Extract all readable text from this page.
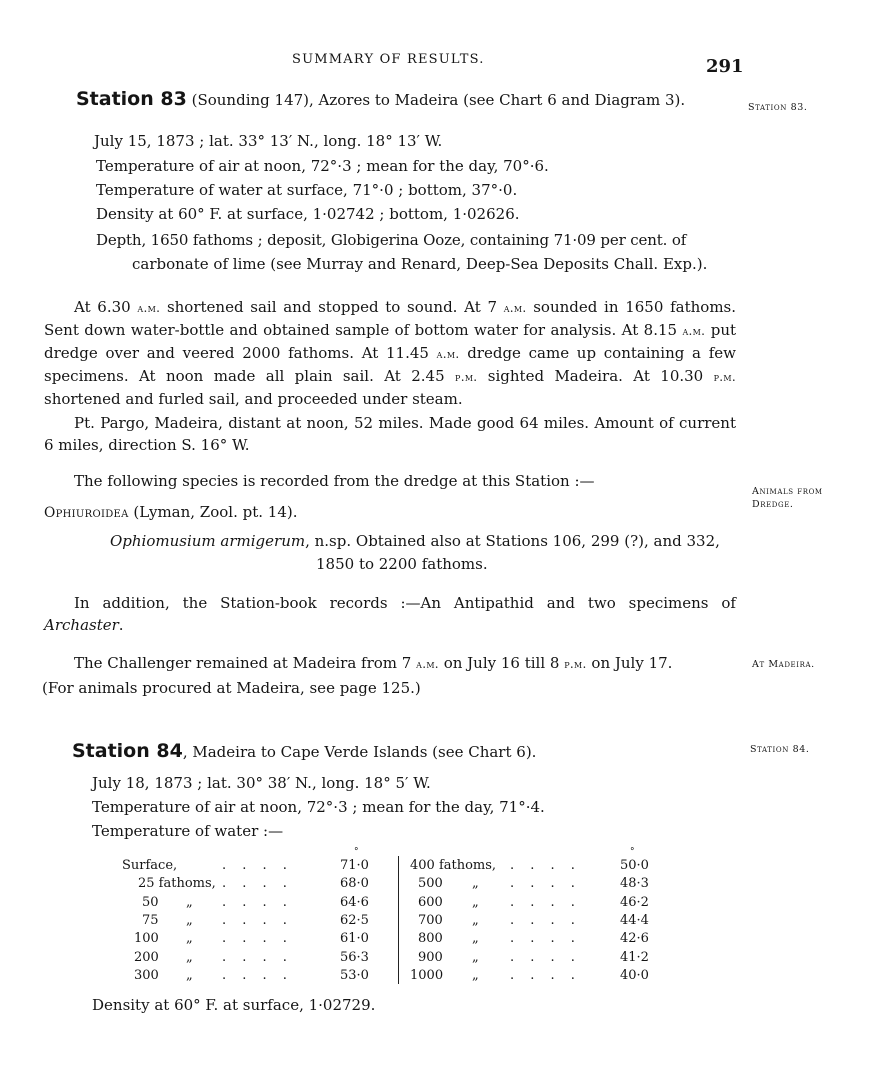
SUMMARY OF RESULTS.	291
Station 83 (Sounding 147), Azores to Madeira (see Chart 6 and Diagram 3).	Station 83.
July 15, 1873 ; lat. 33° 13′ N., long. 18° 13′ W.
Temperature of air at noon, 72°·3 ; mean for the day, 70°·6.
Temperature of water at surface, 71°·0 ; bottom, 37°·0.
Density at 60° F. at surface, 1·02742 ; bottom, 1·02626.
Depth, 1650 fathoms ; deposit, Globigerina Ooze, containing 71·09 per cent. of
carbonate of lime (see Murray and Renard, Deep-Sea Deposits Chall. Exp.).
At 6.30 a.m. shortened sail and stopped to sound. At 7 a.m. sounded in 1650 fathoms. Sent down water-bottle and obtained sample of bottom water for analysis. At 8.15 a.m. put dredge over and veered 2000 fathoms. At 11.45 a.m. dredge came up containing a few specimens. At noon made all plain sail. At 2.45 p.m. sighted Madeira. At 10.30 p.m. shortened and furled sail, and proceeded under steam.
Pt. Pargo, Madeira, distant at noon, 52 miles. Made good 64 miles. Amount of current 6 miles, direction S. 16° W.
The following species is recorded from the dredge at this Station :—
Animals from
Dredge.
Ophiuroidea (Lyman, Zool. pt. 14).
Ophiomusium armigerum, n.sp. Obtained also at Stations 106, 299 (?), and 332,
1850 to 2200 fathoms.
In addition, the Station-book records :—An Antipathid and two specimens of Archaster.
The Challenger remained at Madeira from 7 a.m. on July 16 till 8 p.m. on July 17.	At Madeira.
(For animals procured at Madeira, see page 125.)
Station 84, Madeira to Cape Verde Islands (see Chart 6).	Station 84.
July 18, 1873 ; lat. 30° 38′ N., long. 18° 5′ W.
Temperature of air at noon, 72°·3 ; mean for the day, 71°·4.
Temperature of water :—
°	°
Surface,	. . . .	71·0
25 fathoms, . . . .	68·0
50 „ . . . .	64·6
75 „ . . . .	62·5
100 „ . . . .	61·0
200 „ . . . .	56·3
300 „ . . . .	53·0
400 fathoms, . . . .	50·0
500 „ . . . .	48·3
600 „ . . . .	46·2
700 „ . . . .	44·4
800 „ . . . .	42·6
900 „ . . . .	41·2
1000 „ . . . .	40·0
Density at 60° F. at surface, 1·02729.
